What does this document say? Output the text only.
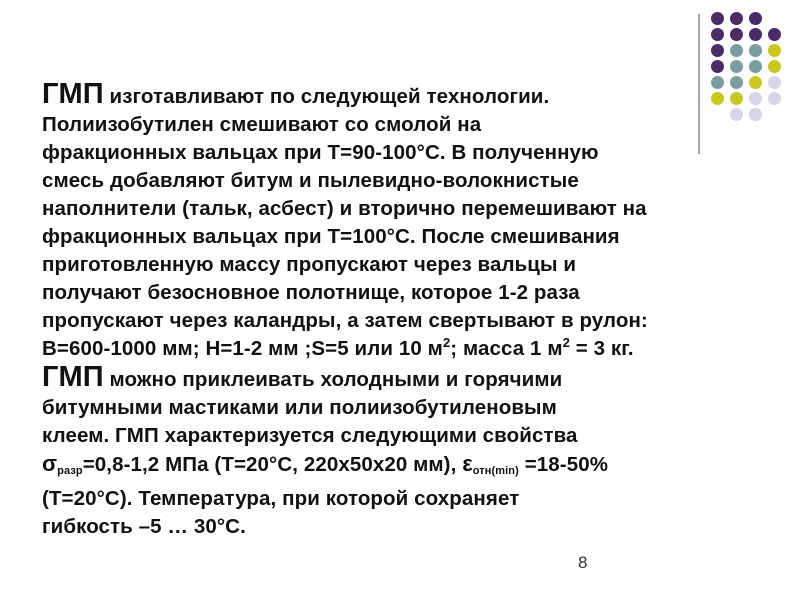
ГМП изготавливают по следующей технологии.
Полиизобутилен смешивают со смолой на
фракционных вальцах при T=90-100°C. В полученную
смесь добавляют битум и пылевидно-волокнистые
наполнители (тальк, асбест) и вторично перемешивают на
фракционных вальцах при Т=100°С. После смешивания
приготовленную массу пропускают через вальцы и
получают безосновное полотнище, которое 1-2 раза
пропускают через каландры, а затем свертывают в рулон:
B=600-1000 мм; H=1-2 мм ;S=5 или 10 $м^2$; масса 1 $м^2 = 3$ кг.

ГМП можно приклеивать холодными и горячими
битумными мастиками или полиизобутиленовым
клеем. ГМП характеризуется следующими свойства
$\sigma_{разр}=0,8-1,2$ МПа (Т=20°С, 220x50x20 мм), $\varepsilon_{отн(min)} =18-50\%$
(Т=20°С). Температура, при которой сохраняет
гибкость –5 … 30°С.

8
